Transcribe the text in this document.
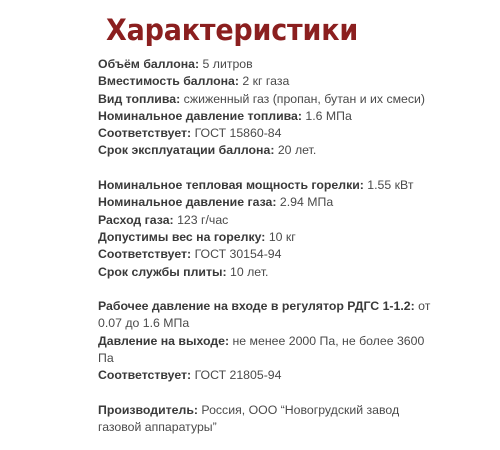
Характеристики

Объём баллона: 5 литров

Вместимость баллона: 2 кг газа

Вид топлива: сжиженный газ (пропан, бутан и их смеси)

Номинальное давление топлива: 1.6 МПа

Соответствует: ГОСТ 15860-84

Срок эксплуатации баллона: 20 лет.

Номинальное тепловая мощность горелки: 1.55 кВт

Номинальное давление газа: 2.94 МПа

Расход газа: 123 г/час

Допустимы вес на горелку: 10 кг

Соответствует: ГОСТ 30154-94

Срок службы плиты: 10 лет.

Рабочее давление на входе в регулятор РДГС 1-1.2: от 0.07 до 1.6 МПа

Давление на выходе: не менее 2000 Па, не более 3600 Па

Соответствует: ГОСТ 21805-94

Производитель: Россия, ООО “Новогрудский завод газовой аппаратуры”
